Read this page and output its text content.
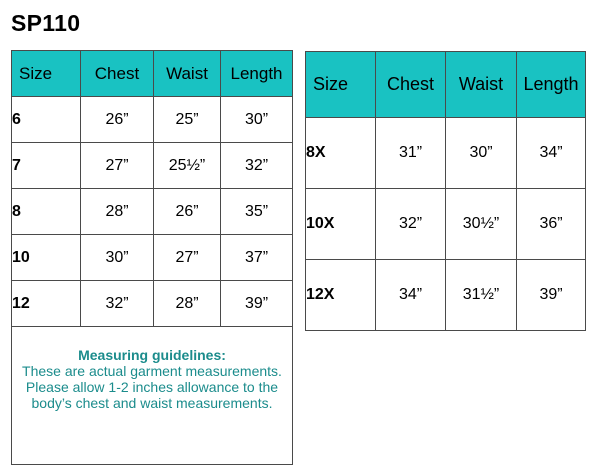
SP110
Size	Chest	Waist	Length
6	26”	25”	30”
7	27”	25½”	32”
8	28”	26”	35”
10	30”	27”	37”
12	32”	28”	39”

Measuring guidelines:
These are actual garment measurements. Please allow 1-2 inches allowance to the body’s chest and waist measurements.			
Size	Chest	Waist	Length
8X	31”	30”	34”
10X	32”	30½”	36”
12X	34”	31½”	39”
